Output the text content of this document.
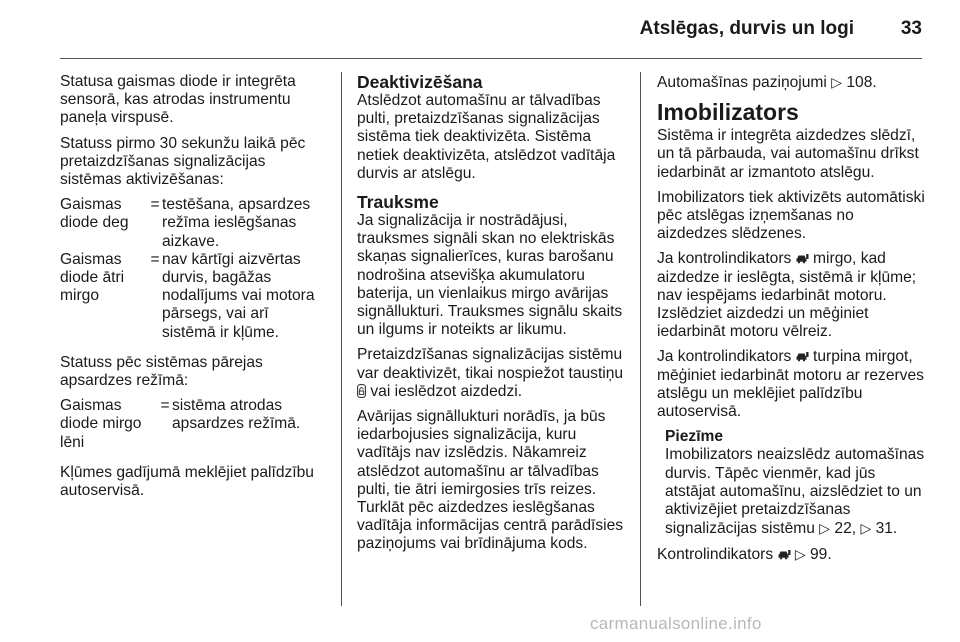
Atslēgas, durvis un logi 33

Statusa gaismas diode ir integrēta sensorā, kas atrodas instrumentu paneļa virspusē.

Statuss pirmo 30 sekunžu laikā pēc pretaizdzīšanas signalizācijas sistēmas aktivizēšanas:

Gaismas diode deg	=	testēšana, apsardzes režīma ieslēgšanas aizkave.
Gaismas diode ātri mirgo	=	nav kārtīgi aizvērtas durvis, bagāžas nodalījums vai motora pārsegs, vai arī sistēmā ir kļūme.

Statuss pēc sistēmas pārejas apsardzes režīmā:

Gaismas diode mirgo lēni	=	sistēma atrodas apsardzes režīmā.

Kļūmes gadījumā meklējiet palīdzību autoservisā.

Deaktivizēšana

Atslēdzot automašīnu ar tālvadības pulti, pretaizdzīšanas signalizācijas sistēma tiek deaktivizēta. Sistēma netiek deaktivizēta, atslēdzot vadītāja durvis ar atslēgu.

Trauksme

Ja signalizācija ir nostrādājusi, trauksmes signāli skan no elektriskās skaņas signalierīces, kuras barošanu nodrošina atsevišķa akumulatoru baterija, un vienlaikus mirgo avārijas signāllukturi. Trauksmes signālu skaits un ilgums ir noteikts ar likumu.

Pretaizdzīšanas signalizācijas sistēmu var deaktivizēt, tikai nospiežot taustiņu  vai ieslēdzot aizdedzi.

Avārijas signāllukturi norādīs, ja būs iedarbojusies signalizācija, kuru vadītājs nav izslēdzis. Nākamreiz atslēdzot automašīnu ar tālvadības pulti, tie ātri iemirgosies trīs reizes. Turklāt pēc aizdedzes ieslēgšanas vadītāja informācijas centrā parādīsies paziņojums vai brīdinājuma kods.

Automašīnas paziņojumi ▷ 108.

Imobilizators

Sistēma ir integrēta aizdedzes slēdzī, un tā pārbauda, vai automašīnu drīkst iedarbināt ar izmantoto atslēgu.

Imobilizators tiek aktivizēts automātiski pēc atslēgas izņemšanas no aizdedzes slēdzenes.

Ja kontrolindikators mirgo, kad aizdedze ir ieslēgta, sistēmā ir kļūme; nav iespējams iedarbināt motoru. Izslēdziet aizdedzi un mēģiniet iedarbināt motoru vēlreiz.

Ja kontrolindikators turpina mirgot, mēģiniet iedarbināt motoru ar rezerves atslēgu un meklējiet palīdzību autoservisā.

Piezīme

Imobilizators neaizslēdz automašīnas durvis. Tāpēc vienmēr, kad jūs atstājat automašīnu, aizslēdziet to un aktivizējiet pretaizdzīšanas signalizācijas sistēmu ▷ 22, ▷ 31.

Kontrolindikators ▷ 99.

carmanualsonline.info
